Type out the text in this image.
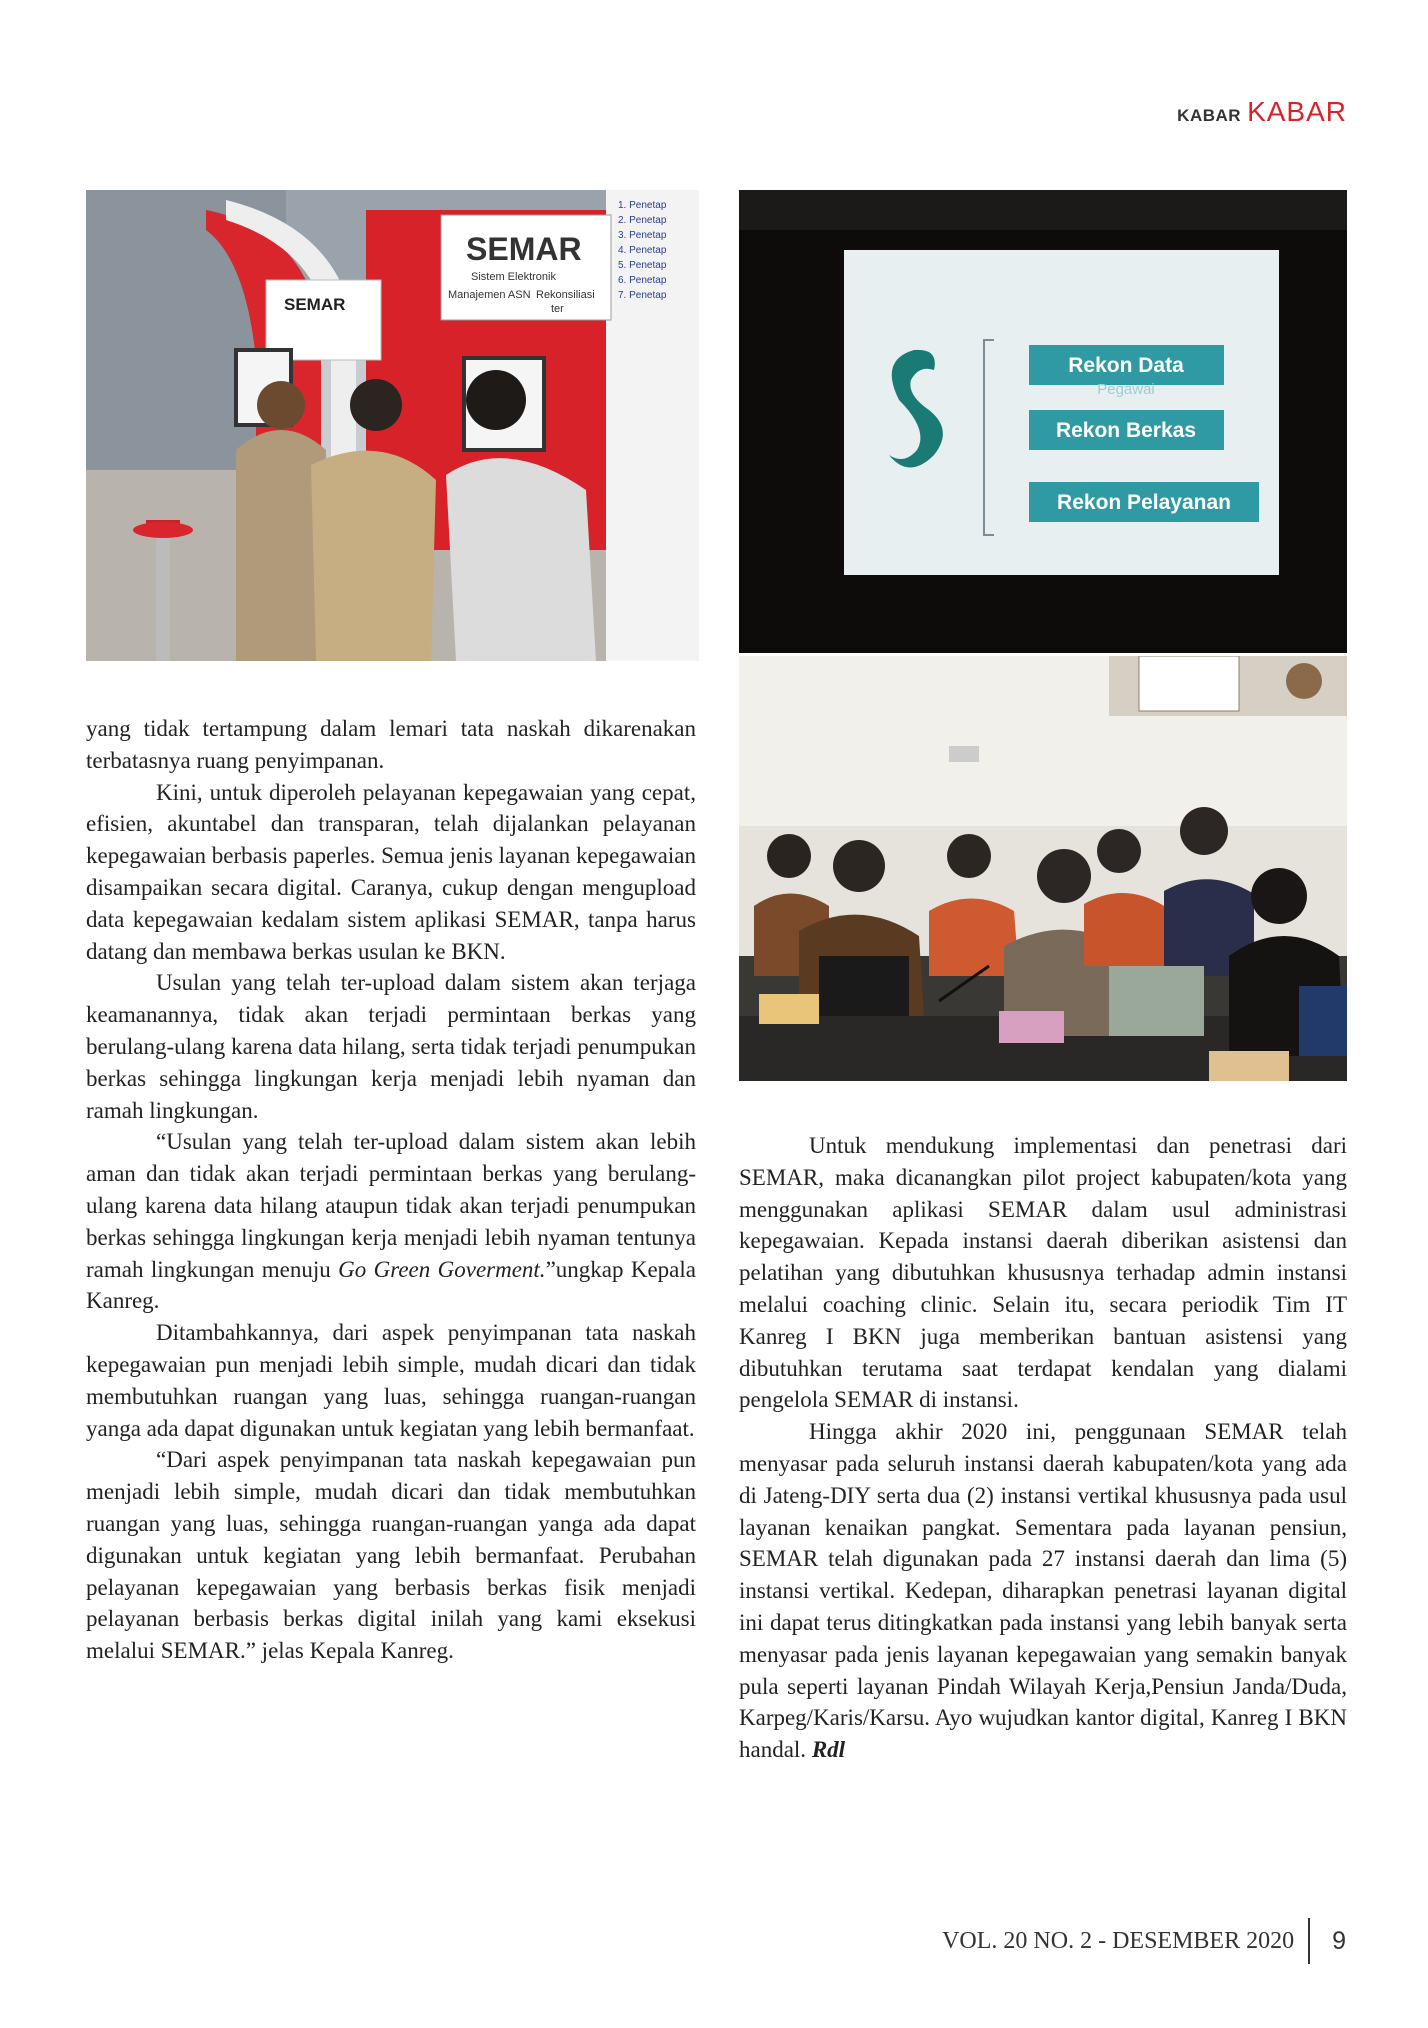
KABAR KABAR
SEMAR
SEMAR
Sistem Elektronik
Manajemen ASN Rekonsiliasi
ter
1. Penetap
2. Penetap
3. Penetap
4. Penetap
5. Penetap
6. Penetap
7. Penetap
Rekon Data
Pegawai
Rekon Berkas
Rekon Pelayanan

yang tidak tertampung dalam lemari tata naskah dikarenakan terbatasnya ruang penyimpanan.

Kini, untuk diperoleh pelayanan kepegawaian yang cepat, efisien, akuntabel dan transparan, telah dijalankan pelayanan kepegawaian berbasis paperles. Semua jenis layanan kepegawaian disampaikan secara digital. Caranya, cukup dengan mengupload data kepegawaian kedalam sistem aplikasi SEMAR, tanpa harus datang dan membawa berkas usulan ke BKN.

Usulan yang telah ter-upload dalam sistem akan terjaga keamanannya, tidak akan terjadi permintaan berkas yang berulang-ulang karena data hilang, serta tidak terjadi penumpukan berkas sehingga lingkungan kerja menjadi lebih nyaman dan ramah lingkungan.

“Usulan yang telah ter-upload dalam sistem akan lebih aman dan tidak akan terjadi permintaan berkas yang berulang-ulang karena data hilang ataupun tidak akan terjadi penumpukan berkas sehingga lingkungan kerja menjadi lebih nyaman tentunya ramah lingkungan menuju Go Green Goverment.”ungkap Kepala Kanreg.

Ditambahkannya, dari aspek penyimpanan tata naskah kepegawaian pun menjadi lebih simple, mudah dicari dan tidak membutuhkan ruangan yang luas, sehingga ruangan-ruangan yanga ada dapat digunakan untuk kegiatan yang lebih bermanfaat.

“Dari aspek penyimpanan tata naskah kepegawaian pun menjadi lebih simple, mudah dicari dan tidak membutuhkan ruangan yang luas, sehingga ruangan-ruangan yanga ada dapat digunakan untuk kegiatan yang lebih bermanfaat. Perubahan pelayanan kepegawaian yang berbasis berkas fisik menjadi pelayanan berbasis berkas digital inilah yang kami eksekusi melalui SEMAR.” jelas Kepala Kanreg.

Untuk mendukung implementasi dan penetrasi dari SEMAR, maka dicanangkan pilot project kabupaten/kota yang menggunakan aplikasi SEMAR dalam usul administrasi kepegawaian. Kepada instansi daerah diberikan asistensi dan pelatihan yang dibutuhkan khususnya terhadap admin instansi melalui coaching clinic. Selain itu, secara periodik Tim IT Kanreg I BKN juga memberikan bantuan asistensi yang dibutuhkan terutama saat terdapat kendalan yang dialami pengelola SEMAR di instansi.

Hingga akhir 2020 ini, penggunaan SEMAR telah menyasar pada seluruh instansi daerah kabupaten/kota yang ada di Jateng-DIY serta dua (2) instansi vertikal khususnya pada usul layanan kenaikan pangkat. Sementara pada layanan pensiun, SEMAR telah digunakan pada 27 instansi daerah dan lima (5) instansi vertikal. Kedepan, diharapkan penetrasi layanan digital ini dapat terus ditingkatkan pada instansi yang lebih banyak serta menyasar pada jenis layanan kepegawaian yang semakin banyak pula seperti layanan Pindah Wilayah Kerja,Pensiun Janda/Duda, Karpeg/Karis/Karsu. Ayo wujudkan kantor digital, Kanreg I BKN handal. Rdl

VOL. 20 NO. 2 - DESEMBER 2020 9
